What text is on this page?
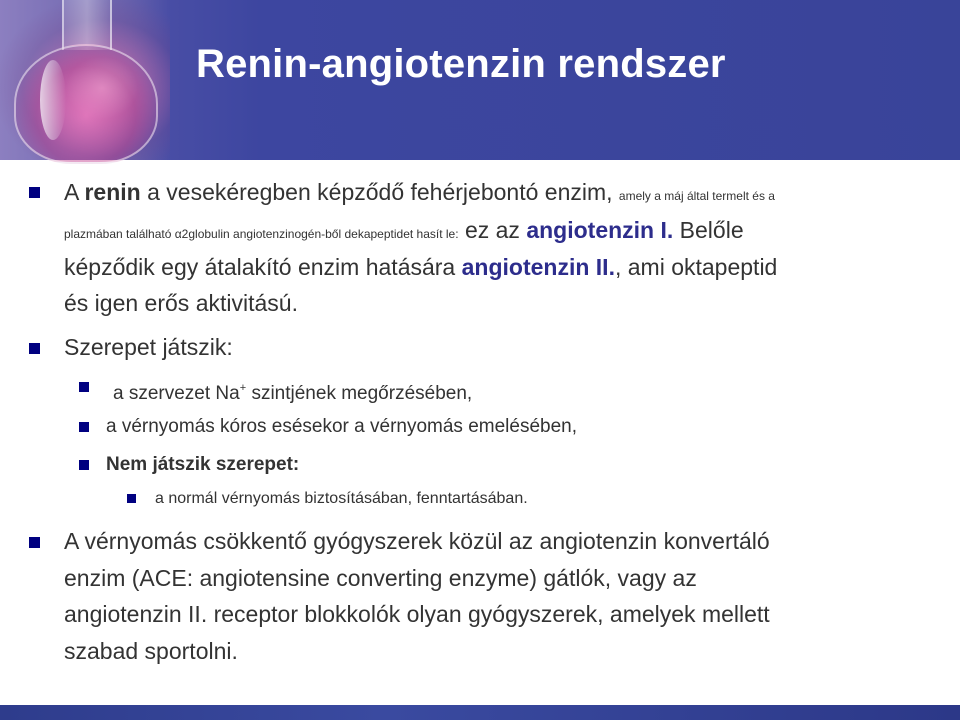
Renin-angiotenzin rendszer
A renin a vesekéregben képződő fehérjebontó enzim, amely a máj által termelt és a
plazmában található α2globulin angiotenzinogén-ből dekapeptidet hasít le: ez az angiotenzin I. Belőle
képződik egy átalakító enzim hatására angiotenzin II., ami oktapeptid
és igen erős aktivitású.
Szerepet játszik:
a szervezet Na+ szintjének megőrzésében,
a vérnyomás kóros esésekor a vérnyomás emelésében,
Nem játszik szerepet:
a normál vérnyomás biztosításában, fenntartásában.
A vérnyomás csökkentő gyógyszerek közül az angiotenzin konvertáló
enzim (ACE: angiotensine converting enzyme) gátlók, vagy az
angiotenzin II. receptor blokkolók olyan gyógyszerek, amelyek mellett
szabad sportolni.
